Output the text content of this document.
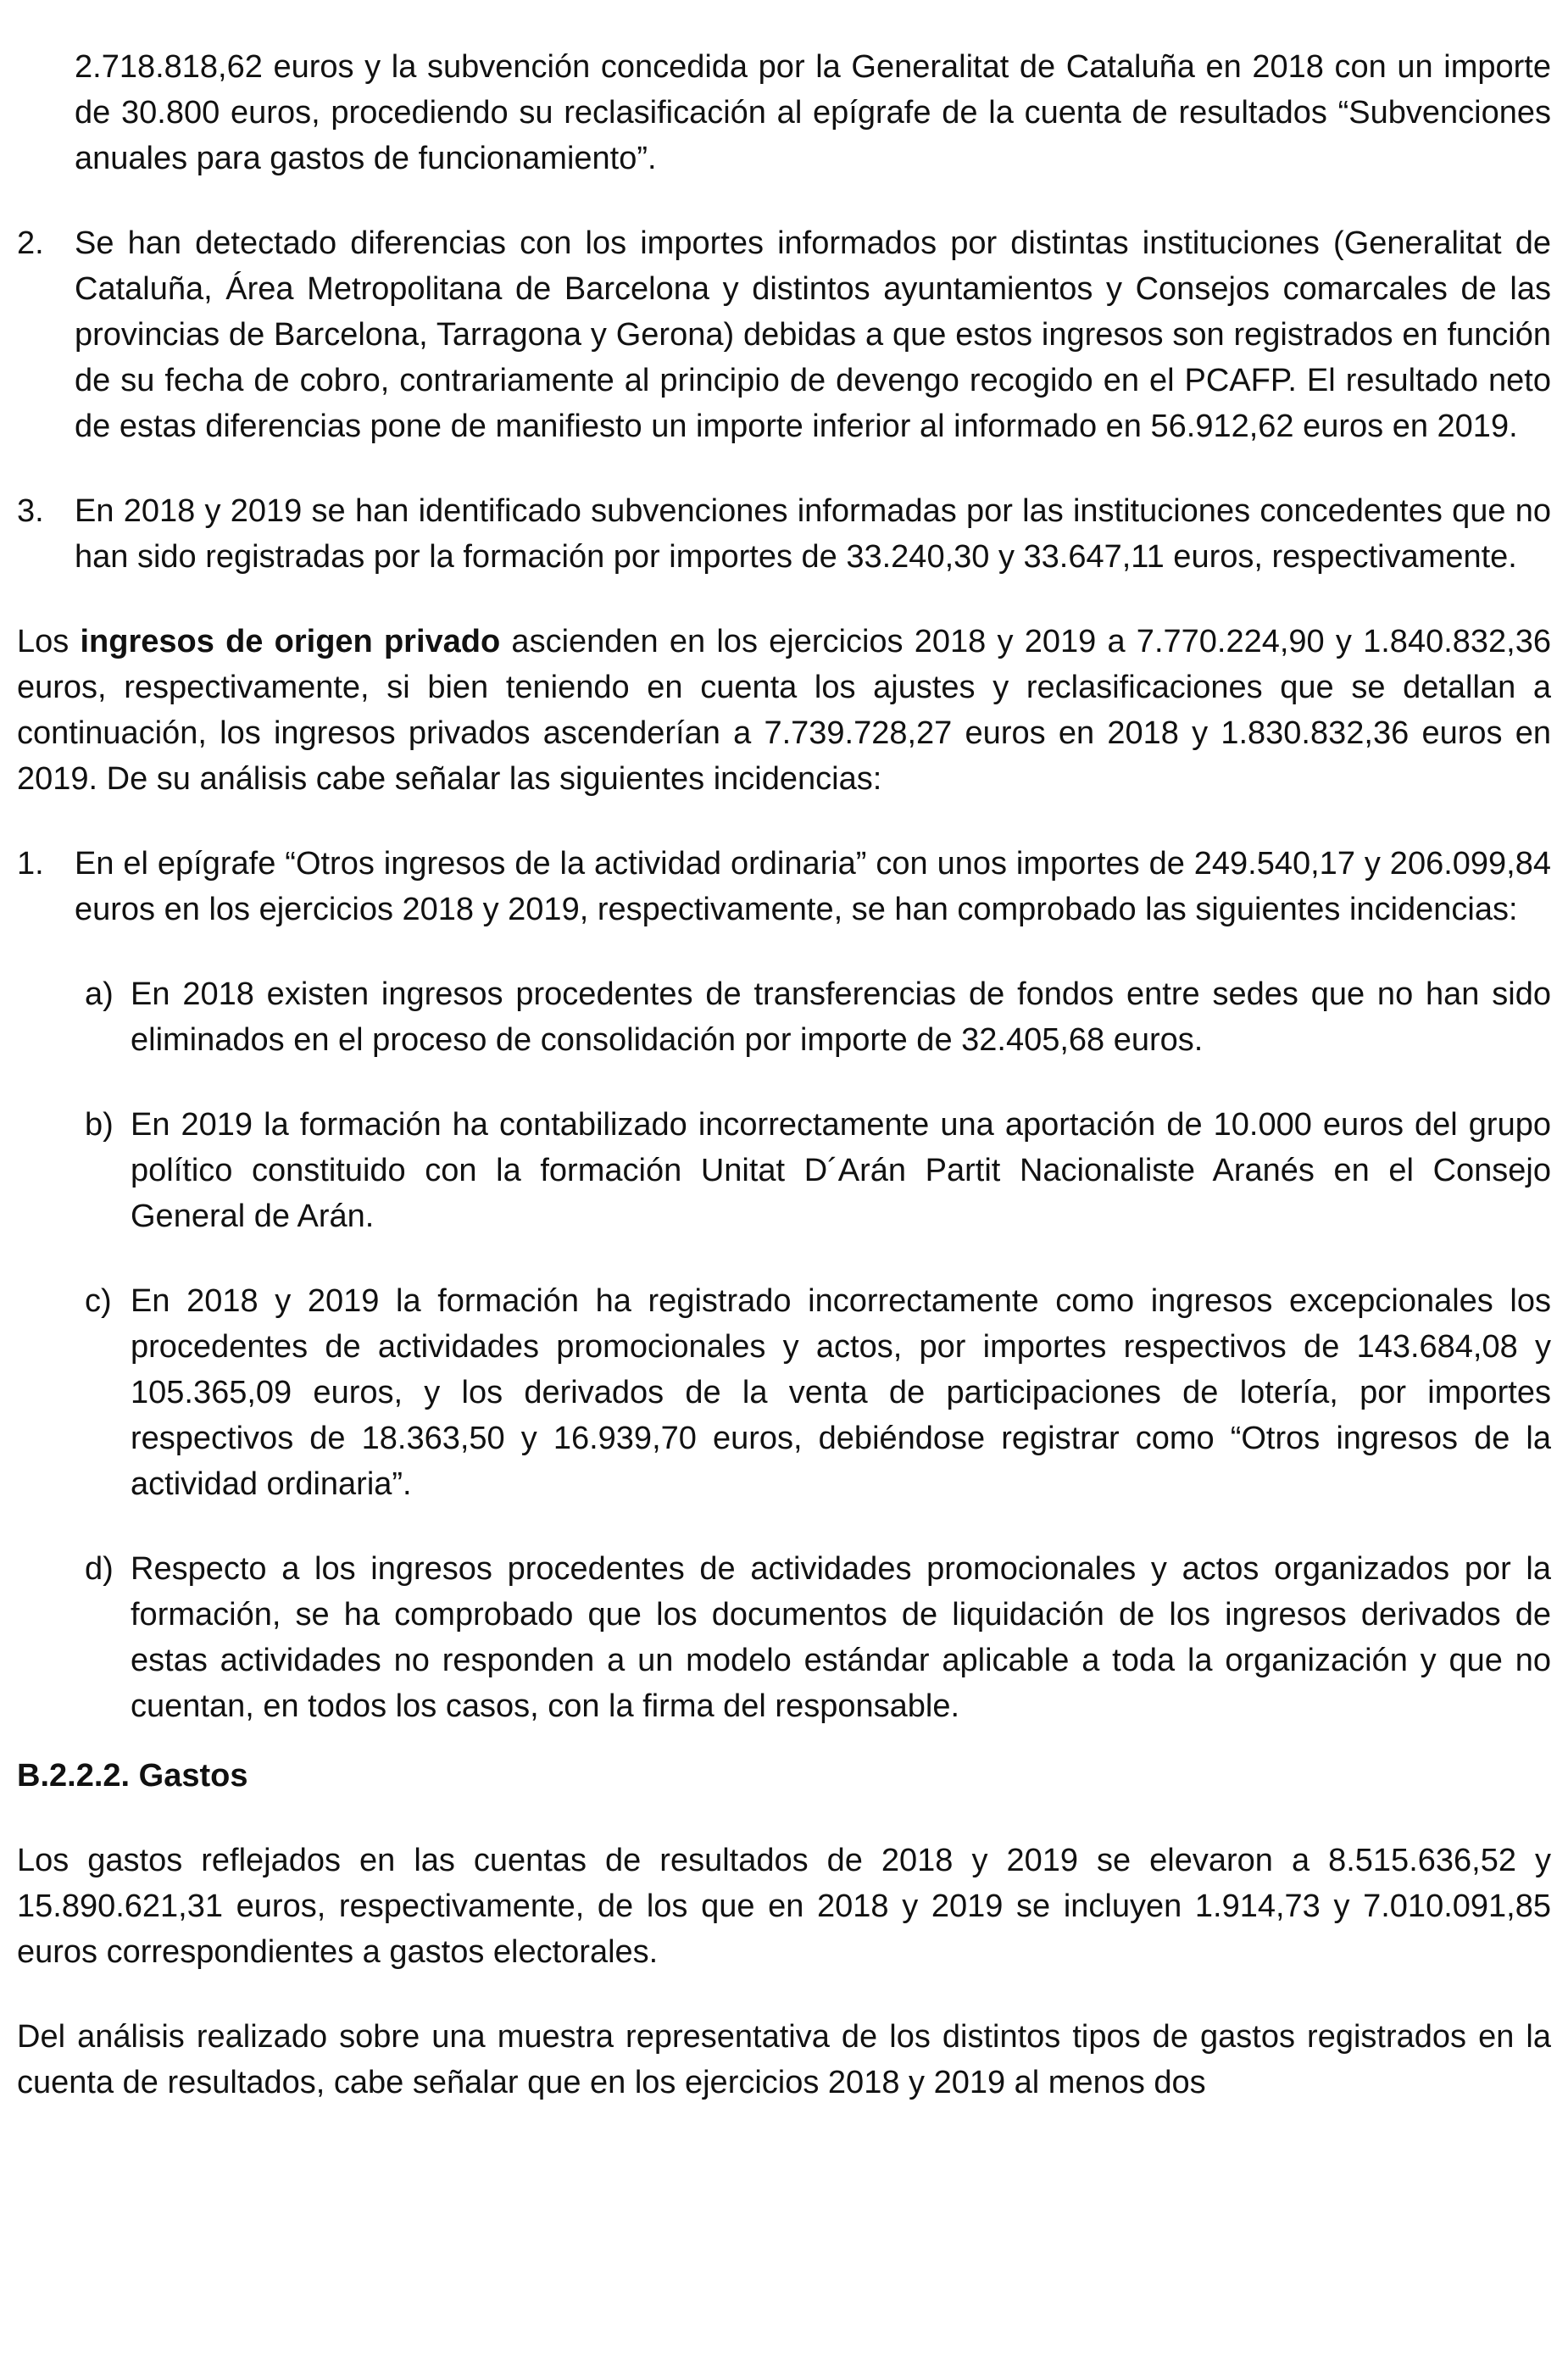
2.718.818,62 euros y la subvención concedida por la Generalitat de Cataluña en 2018 con un importe de 30.800 euros, procediendo su reclasificación al epígrafe de la cuenta de resultados “Subvenciones anuales para gastos de funcionamiento”.

2. Se han detectado diferencias con los importes informados por distintas instituciones (Generalitat de Cataluña, Área Metropolitana de Barcelona y distintos ayuntamientos y Consejos comarcales de las provincias de Barcelona, Tarragona y Gerona) debidas a que estos ingresos son registrados en función de su fecha de cobro, contrariamente al principio de devengo recogido en el PCAFP. El resultado neto de estas diferencias pone de manifiesto un importe inferior al informado en 56.912,62 euros en 2019.

3. En 2018 y 2019 se han identificado subvenciones informadas por las instituciones concedentes que no han sido registradas por la formación por importes de 33.240,30 y 33.647,11 euros, respectivamente.

Los ingresos de origen privado ascienden en los ejercicios 2018 y 2019 a 7.770.224,90 y 1.840.832,36 euros, respectivamente, si bien teniendo en cuenta los ajustes y reclasificaciones que se detallan a continuación, los ingresos privados ascenderían a 7.739.728,27 euros en 2018 y 1.830.832,36 euros en 2019. De su análisis cabe señalar las siguientes incidencias:

1. En el epígrafe “Otros ingresos de la actividad ordinaria” con unos importes de 249.540,17 y 206.099,84 euros en los ejercicios 2018 y 2019, respectivamente, se han comprobado las siguientes incidencias:

a) En 2018 existen ingresos procedentes de transferencias de fondos entre sedes que no han sido eliminados en el proceso de consolidación por importe de 32.405,68 euros.

b) En 2019 la formación ha contabilizado incorrectamente una aportación de 10.000 euros del grupo político constituido con la formación Unitat D´Arán Partit Nacionaliste Aranés en el Consejo General de Arán.

c) En 2018 y 2019 la formación ha registrado incorrectamente como ingresos excepcionales los procedentes de actividades promocionales y actos, por importes respectivos de 143.684,08 y 105.365,09 euros, y los derivados de la venta de participaciones de lotería, por importes respectivos de 18.363,50 y 16.939,70 euros, debiéndose registrar como “Otros ingresos de la actividad ordinaria”.

d) Respecto a los ingresos procedentes de actividades promocionales y actos organizados por la formación, se ha comprobado que los documentos de liquidación de los ingresos derivados de estas actividades no responden a un modelo estándar aplicable a toda la organización y que no cuentan, en todos los casos, con la firma del responsable.

B.2.2.2. Gastos

Los gastos reflejados en las cuentas de resultados de 2018 y 2019 se elevaron a 8.515.636,52 y 15.890.621,31 euros, respectivamente, de los que en 2018 y 2019 se incluyen 1.914,73 y 7.010.091,85 euros correspondientes a gastos electorales.

Del análisis realizado sobre una muestra representativa de los distintos tipos de gastos registrados en la cuenta de resultados, cabe señalar que en los ejercicios 2018 y 2019 al menos dos
